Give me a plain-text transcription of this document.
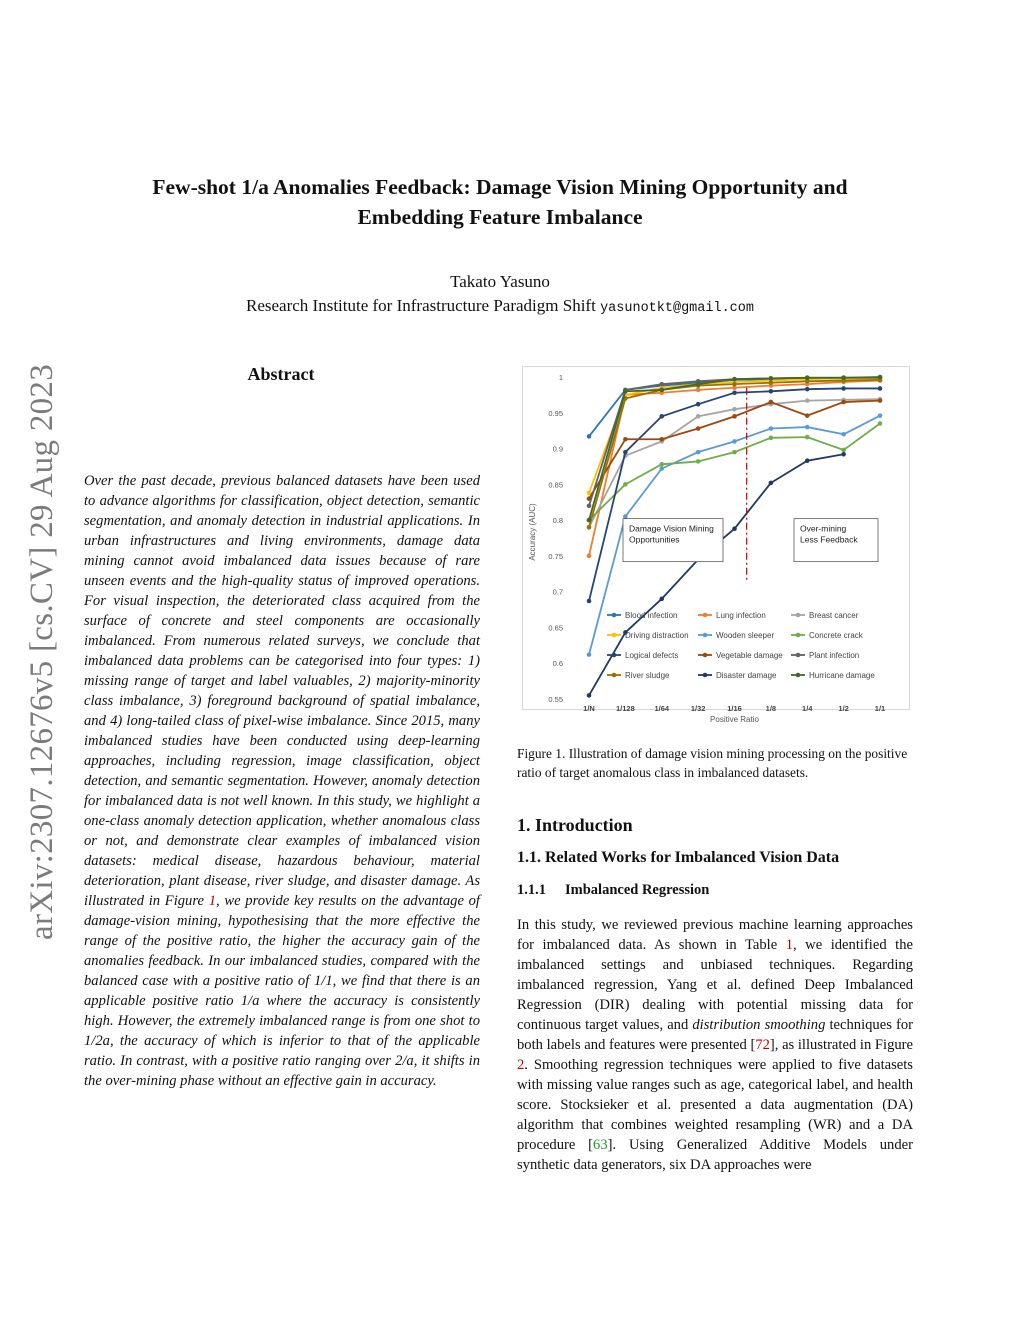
Few-shot 1/a Anomalies Feedback: Damage Vision Mining Opportunity and
Embedding Feature Imbalance
Takato Yasuno
Research Institute for Infrastructure Paradigm Shift yasunotkt@gmail.com
arXiv:2307.12676v5 [cs.CV] 29 Aug 2023	Abstract

Over the past decade, previous balanced datasets have been used to advance algorithms for classification, object detection, semantic segmentation, and anomaly detection in industrial applications. In urban infrastructures and living environments, damage data mining cannot avoid imbalanced data issues because of rare unseen events and the high-quality status of improved operations. For visual inspection, the deteriorated class acquired from the surface of concrete and steel components are occasionally imbalanced. From numerous related surveys, we conclude that imbalanced data problems can be categorised into four types: 1) missing range of target and label valuables, 2) majority-minority class imbalance, 3) foreground background of spatial imbalance, and 4) long-tailed class of pixel-wise imbalance. Since 2015, many imbalanced studies have been conducted using deep-learning approaches, including regression, image classification, object detection, and semantic segmentation. However, anomaly detection for imbalanced data is not well known. In this study, we highlight a one-class anomaly detection application, whether anomalous class or not, and demonstrate clear examples of imbalanced vision datasets: medical disease, hazardous behaviour, material deterioration, plant disease, river sludge, and disaster damage. As illustrated in Figure 1, we provide key results on the advantage of damage-vision mining, hypothesising that the more effective the range of the positive ratio, the higher the accuracy gain of the anomalies feedback. In our imbalanced studies, compared with the balanced case with a positive ratio of 1/1, we find that there is an applicable positive ratio 1/a where the accuracy is consistently high. However, the extremely imbalanced range is from one shot to 1/2a, the accuracy of which is inferior to that of the applicable ratio. In contrast, with a positive ratio ranging over 2/a, it shifts in the over-mining phase without an effective gain in accuracy.

0.55
0.6
0.65
0.7
0.75
0.8
0.85
0.9
0.95
1
1/N	1/128	1/64	1/32	1/16	1/8	1/4	1/2	1/1
Accuracy (AUC)
Positive Ratio
Damage Vision Mining
Opportunities
Over-mining
Less Feedback
Blood infection	Lung infection	Breast cancer
Driving distraction	Wooden sleeper	Concrete crack
Logical defects	Vegetable damage	Plant infection
River sludge	Disaster damage	Hurricane damage

Figure 1. Illustration of damage vision mining processing on the positive ratio of target anomalous class in imbalanced datasets.

1. Introduction
1.1. Related Works for Imbalanced Vision Data
1.1.1 Imbalanced Regression

In this study, we reviewed previous machine learning approaches for imbalanced data. As shown in Table 1, we identified the imbalanced settings and unbiased techniques. Regarding imbalanced regression, Yang et al. defined Deep Imbalanced Regression (DIR) dealing with potential missing data for continuous target values, and distribution smoothing techniques for both labels and features were presented [72], as illustrated in Figure 2. Smoothing regression techniques were applied to five datasets with missing value ranges such as age, categorical label, and health score. Stocksieker et al. presented a data augmentation (DA) algorithm that combines weighted resampling (WR) and a DA procedure [63]. Using Generalized Additive Models under synthetic data generators, six DA approaches were
